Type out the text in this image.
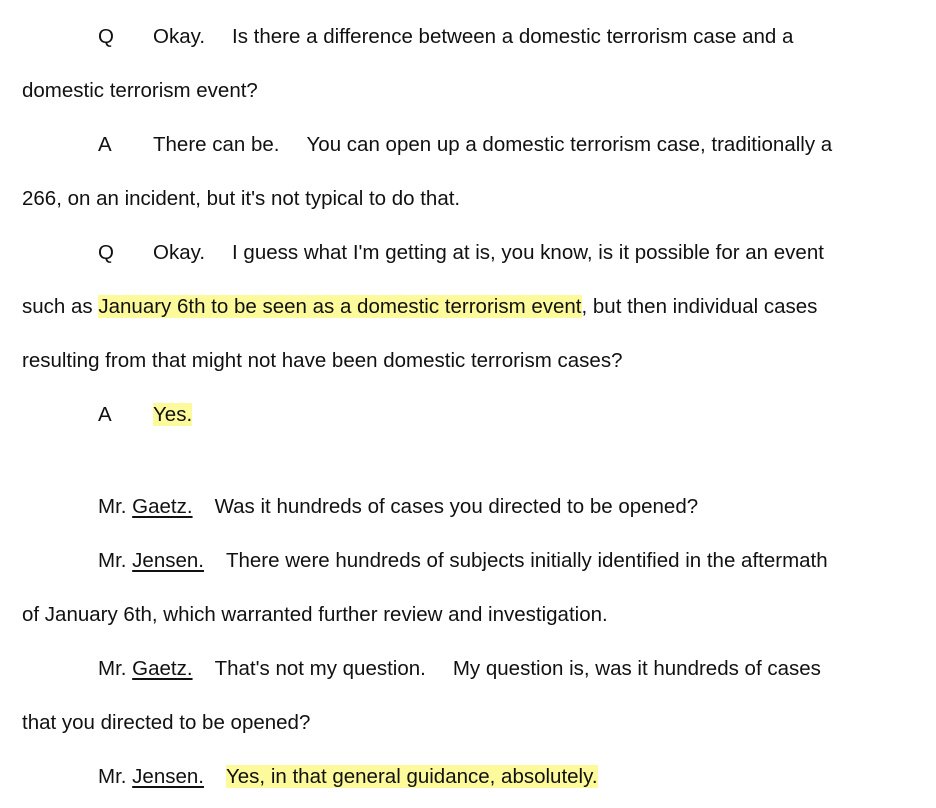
Q Okay. Is there a difference between a domestic terrorism case and a
domestic terrorism event?
A There can be. You can open up a domestic terrorism case, traditionally a
266, on an incident, but it's not typical to do that.
Q Okay. I guess what I'm getting at is, you know, is it possible for an event
such as January 6th to be seen as a domestic terrorism event, but then individual cases
resulting from that might not have been domestic terrorism cases?
A Yes.
Mr. Gaetz. Was it hundreds of cases you directed to be opened?
Mr. Jensen. There were hundreds of subjects initially identified in the aftermath
of January 6th, which warranted further review and investigation.
Mr. Gaetz. That's not my question. My question is, was it hundreds of cases
that you directed to be opened?
Mr. Jensen. Yes, in that general guidance, absolutely.
